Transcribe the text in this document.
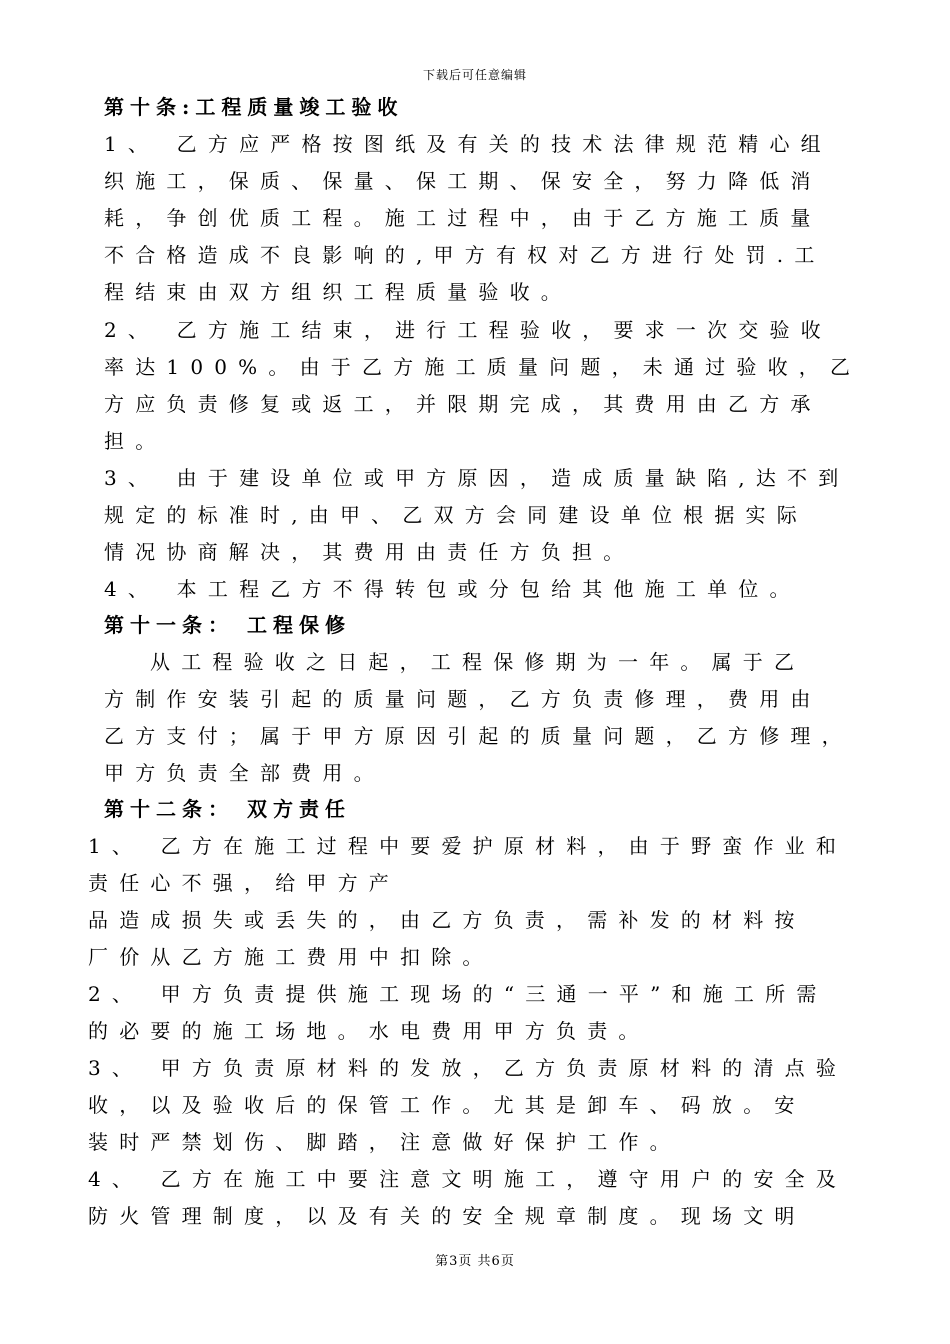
下载后可任意编辑
第十条:工程质量竣工验收
1、 乙方应严格按图纸及有关的技术法律规范精心组
织施工，保质、保量、保工期、保安全，努力降低消
耗，争创优质工程。施工过程中，由于乙方施工质量
不合格造成不良影响的,甲方有权对乙方进行处罚.工
程结束由双方组织工程质量验收。
2、 乙方施工结束，进行工程验收，要求一次交验收
率达100%。由于乙方施工质量问题，未通过验收，乙
方应负责修复或返工，并限期完成，其费用由乙方承
担。
3、 由于建设单位或甲方原因，造成质量缺陷,达不到
规定的标准时,由甲、乙双方会同建设单位根据实际
情况协商解决，其费用由责任方负担。
4、 本工程乙方不得转包或分包给其他施工单位。
第十一条： 工程保修
从工程验收之日起，工程保修期为一年。属于乙
方制作安装引起的质量问题，乙方负责修理，费用由
乙方支付；属于甲方原因引起的质量问题，乙方修理，
甲方负责全部费用。
第十二条： 双方责任
1、 乙方在施工过程中要爱护原材料，由于野蛮作业和
责任心不强，给甲方产
品造成损失或丢失的，由乙方负责，需补发的材料按
厂价从乙方施工费用中扣除。
2、 甲方负责提供施工现场的“三通一平”和施工所需
的必要的施工场地。水电费用甲方负责。
3、 甲方负责原材料的发放，乙方负责原材料的清点验
收，以及验收后的保管工作。尤其是卸车、码放。安
装时严禁划伤、脚踏，注意做好保护工作。
4、 乙方在施工中要注意文明施工，遵守用户的安全及
防火管理制度，以及有关的安全规章制度。现场文明
第3页 共6页
